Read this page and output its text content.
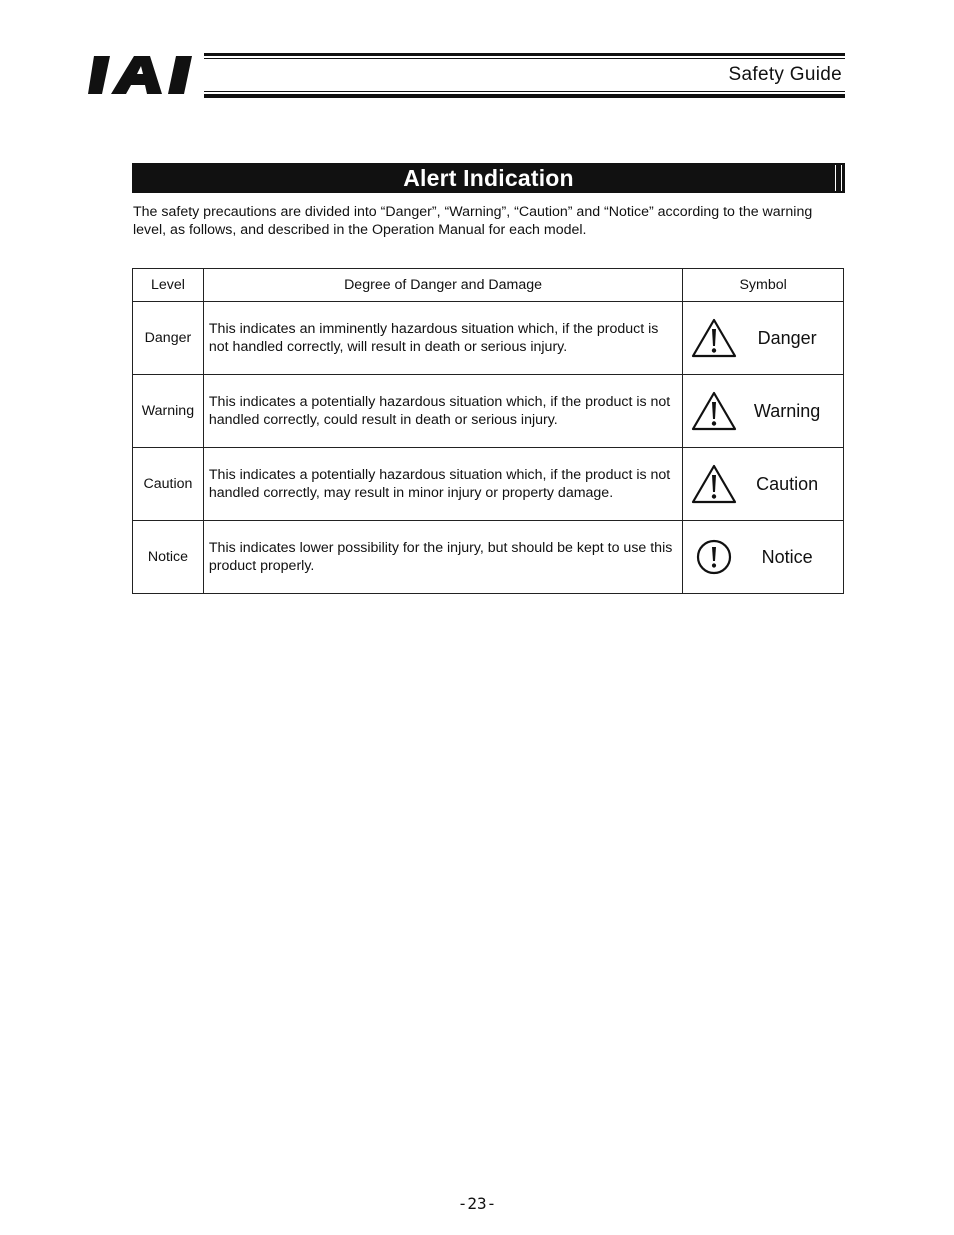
Safety Guide
Alert Indication
The safety precautions are divided into “Danger”, “Warning”, “Caution” and “Notice” according to the warning level, as follows, and described in the Operation Manual for each model.
Level	Degree of Danger and Damage	Symbol
Danger	This indicates an imminently hazardous situation which, if the product is not handled correctly, will result in death or serious injury.	Danger

Warning	This indicates a potentially hazardous situation which, if the product is not handled correctly, could result in death or serious injury.	Warning

Caution	This indicates a potentially hazardous situation which, if the product is not handled correctly, may result in minor injury or property damage.	Caution

Notice	This indicates lower possibility for the injury, but should be kept to use this product properly.	Notice
-23-
